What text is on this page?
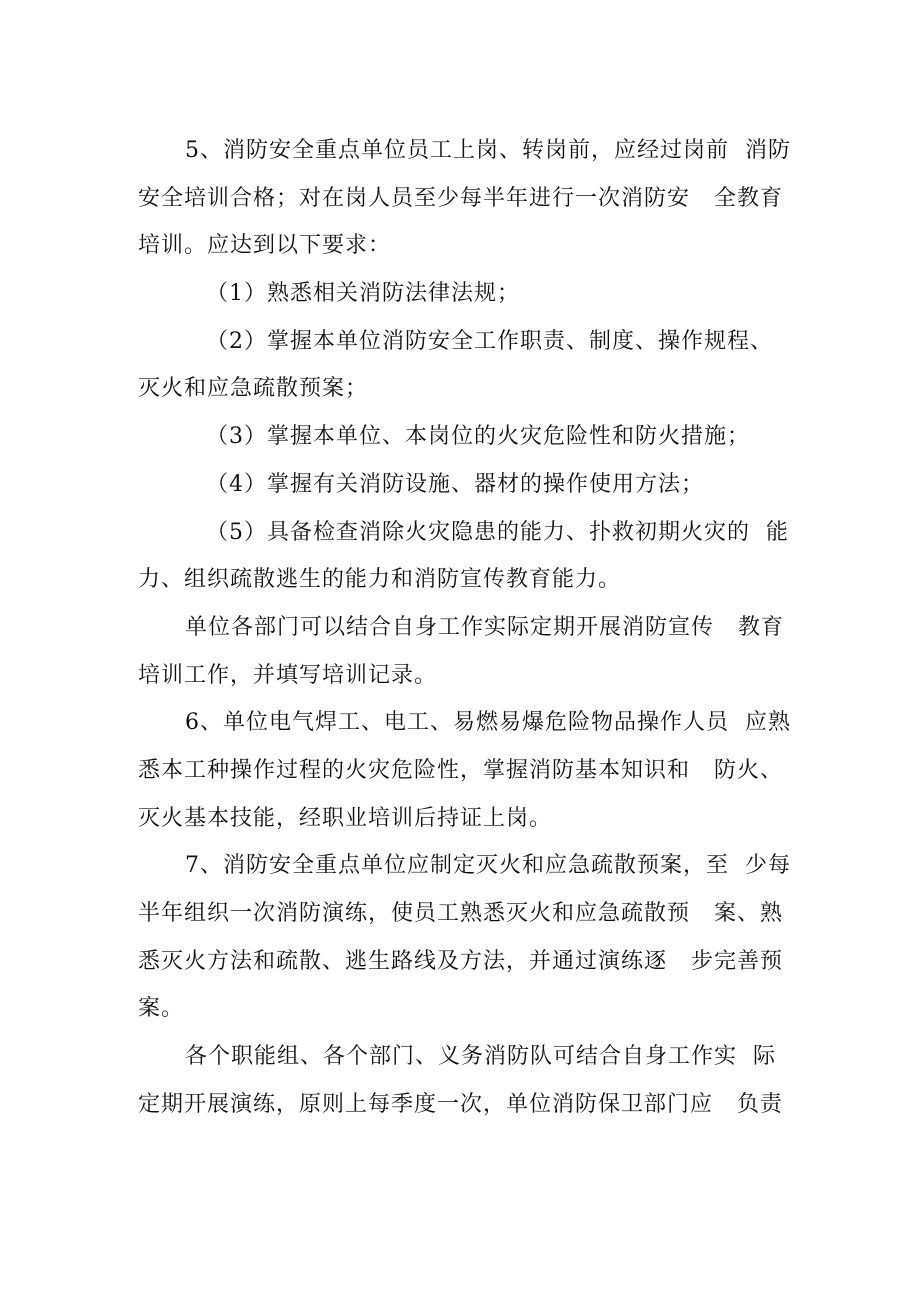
5、消防安全重点单位员工上岗、转岗前，应经过岗前  消防
安全培训合格；对在岗人员至少每半年进行一次消防安   全教育
培训。应达到以下要求：
（1）熟悉相关消防法律法规；
（2）掌握本单位消防安全工作职责、制度、操作规程、
灭火和应急疏散预案；
（3）掌握本单位、本岗位的火灾危险性和防火措施；
（4）掌握有关消防设施、器材的操作使用方法；
（5）具备检查消除火灾隐患的能力、扑救初期火灾的  能
力、组织疏散逃生的能力和消防宣传教育能力。
单位各部门可以结合自身工作实际定期开展消防宣传   教育
培训工作，并填写培训记录。
6、单位电气焊工、电工、易燃易爆危险物品操作人员  应熟
悉本工种操作过程的火灾危险性，掌握消防基本知识和   防火、
灭火基本技能，经职业培训后持证上岗。
7、消防安全重点单位应制定灭火和应急疏散预案，至  少每
半年组织一次消防演练，使员工熟悉灭火和应急疏散预   案、熟
悉灭火方法和疏散、逃生路线及方法，并通过演练逐   步完善预
案。
各个职能组、各个部门、义务消防队可结合自身工作实  际
定期开展演练，原则上每季度一次，单位消防保卫部门应   负责
